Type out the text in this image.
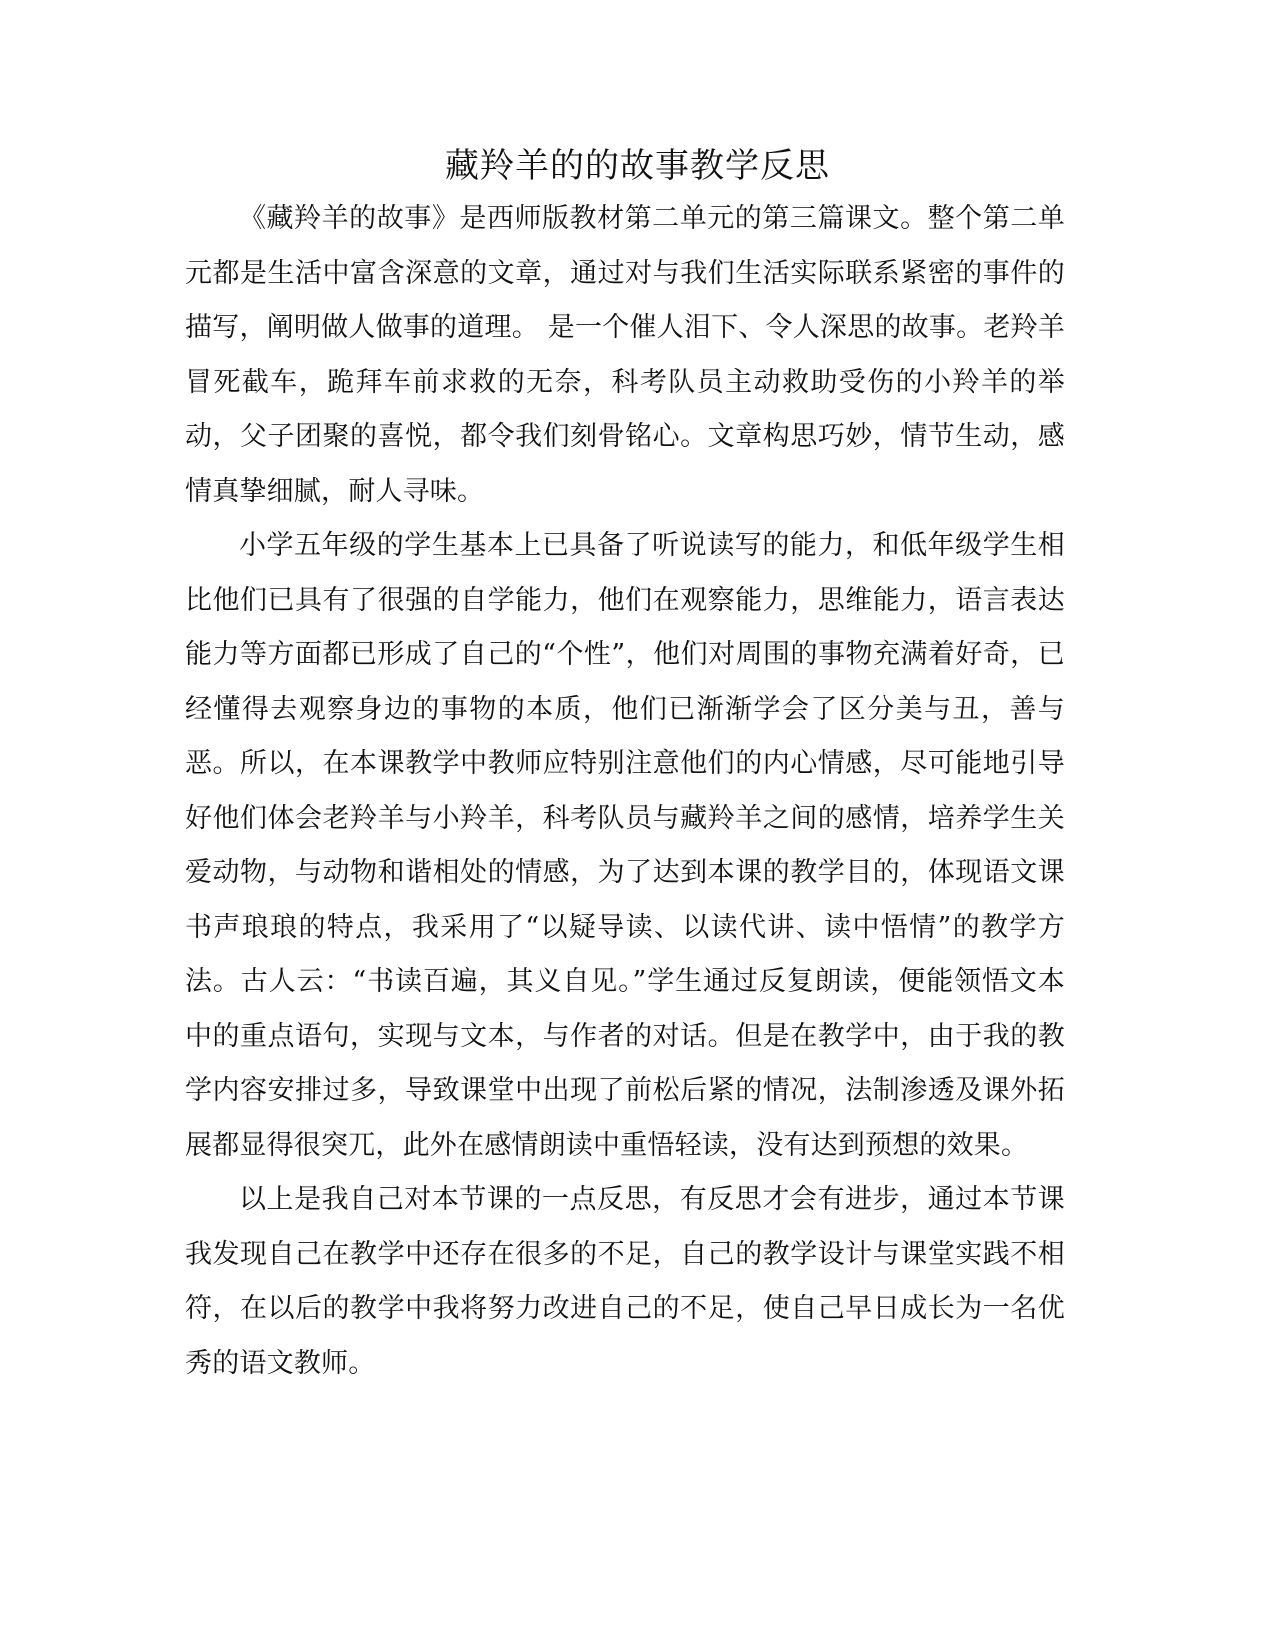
藏羚羊的的故事教学反思

《藏羚羊的故事》是西师版教材第二单元的第三篇课文。整个第二单元都是生活中富含深意的文章，通过对与我们生活实际联系紧密的事件的描写，阐明做人做事的道理。 是一个催人泪下、令人深思的故事。老羚羊冒死截车，跪拜车前求救的无奈，科考队员主动救助受伤的小羚羊的举动，父子团聚的喜悦，都令我们刻骨铭心。文章构思巧妙，情节生动，感情真挚细腻，耐人寻味。

小学五年级的学生基本上已具备了听说读写的能力，和低年级学生相比他们已具有了很强的自学能力，他们在观察能力，思维能力，语言表达能力等方面都已形成了自己的“个性”，他们对周围的事物充满着好奇，已经懂得去观察身边的事物的本质，他们已渐渐学会了区分美与丑，善与恶。所以，在本课教学中教师应特别注意他们的内心情感，尽可能地引导好他们体会老羚羊与小羚羊，科考队员与藏羚羊之间的感情，培养学生关爱动物，与动物和谐相处的情感，为了达到本课的教学目的，体现语文课书声琅琅的特点，我采用了“以疑导读、以读代讲、读中悟情”的教学方法。古人云：“书读百遍，其义自见。”学生通过反复朗读，便能领悟文本中的重点语句，实现与文本，与作者的对话。但是在教学中，由于我的教学内容安排过多，导致课堂中出现了前松后紧的情况，法制渗透及课外拓展都显得很突兀，此外在感情朗读中重悟轻读，没有达到预想的效果。

以上是我自己对本节课的一点反思，有反思才会有进步，通过本节课我发现自己在教学中还存在很多的不足，自己的教学设计与课堂实践不相符，在以后的教学中我将努力改进自己的不足，使自己早日成长为一名优秀的语文教师。
